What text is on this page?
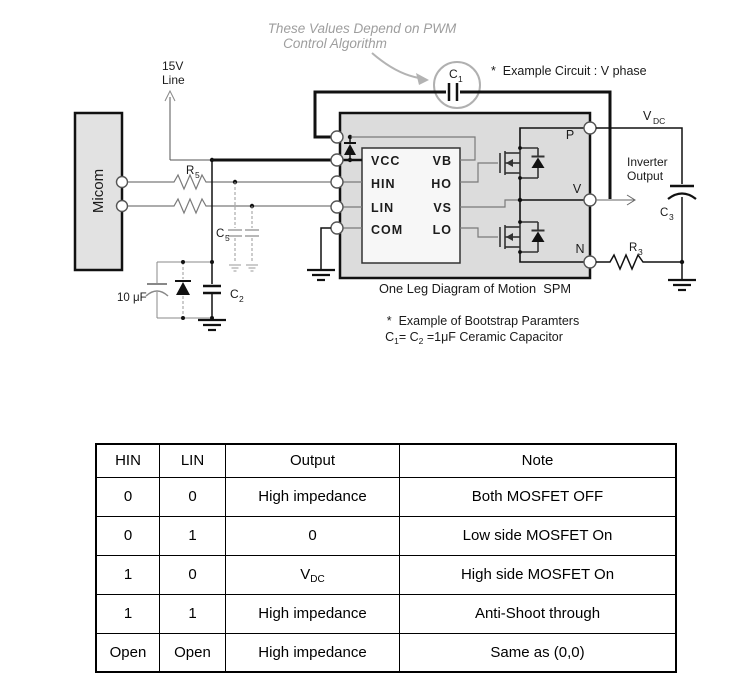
These Values Depend on PWM
Control Algorithm
*  Example Circuit : V phase
15V
Line	C 1
Micom	R 5
C 5
C 2
10 μF
VCC
HIN
LIN
COM
VB
HO
VS
LO
P
V
N
C 3
V DC
R 3
Inverter
Output
One Leg Diagram of Motion  SPM
*  Example of Bootstrap Paramters
$C_1= C_2 =1\mu F$ Ceramic Capacitor
HIN	LIN	Output	Note
0	0	High impedance	Both MOSFET OFF
0	1	0	Low side MOSFET On
1	0	$V_{DC}$	High side MOSFET On
1	1	High impedance	Anti-Shoot through
Open	Open	High impedance	Same as (0,0)
